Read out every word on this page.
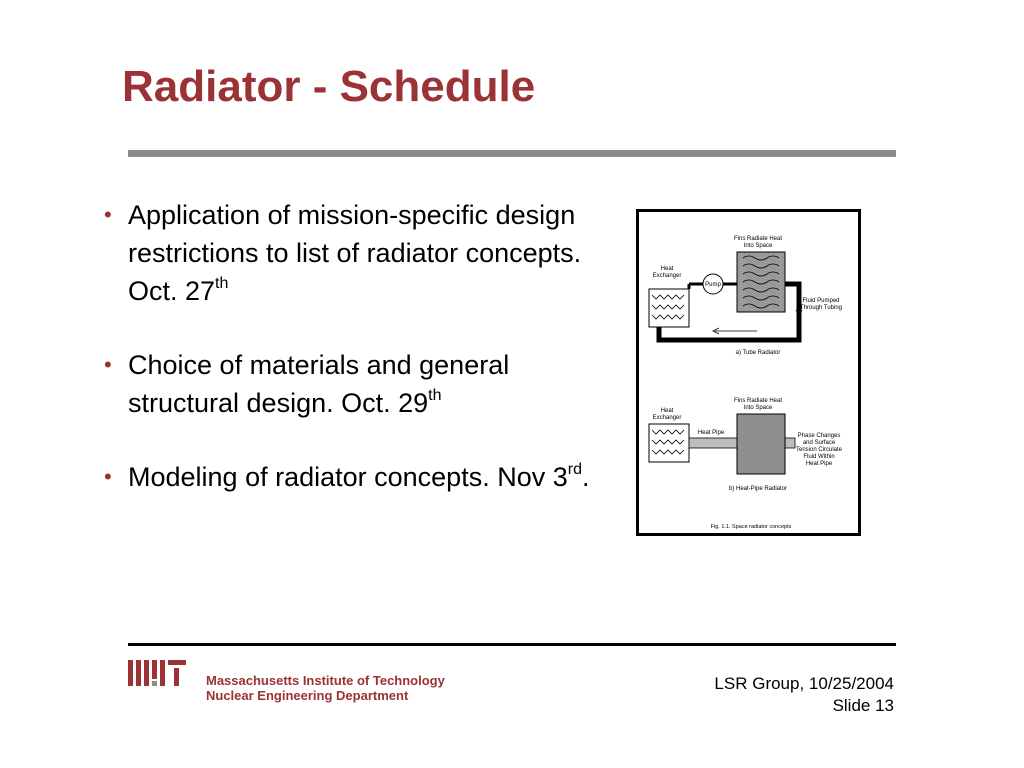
Radiator - Schedule
• Application of mission-specific design restrictions to list of radiator concepts. Oct. 27th
• Choice of materials and general structural design. Oct. 29th
• Modeling of radiator concepts. Nov 3rd.
Fins Radiate Heat
Into Space
Heat
Exchanger
Fluid Pumped
Through Tubing
a) Tube Radiator
Fins Radiate Heat
Into Space
Heat
Exchanger
Heat Pipe	Phase Changes
and Surface
Tension Circulate
Fluid Within
Heat Pipe
b) Heat-Pipe Radiator
Fig. 1.1. Space radiator concepts
Pump
Massachusetts Institute of Technology
Nuclear Engineering Department
LSR Group, 10/25/2004
Slide 13
